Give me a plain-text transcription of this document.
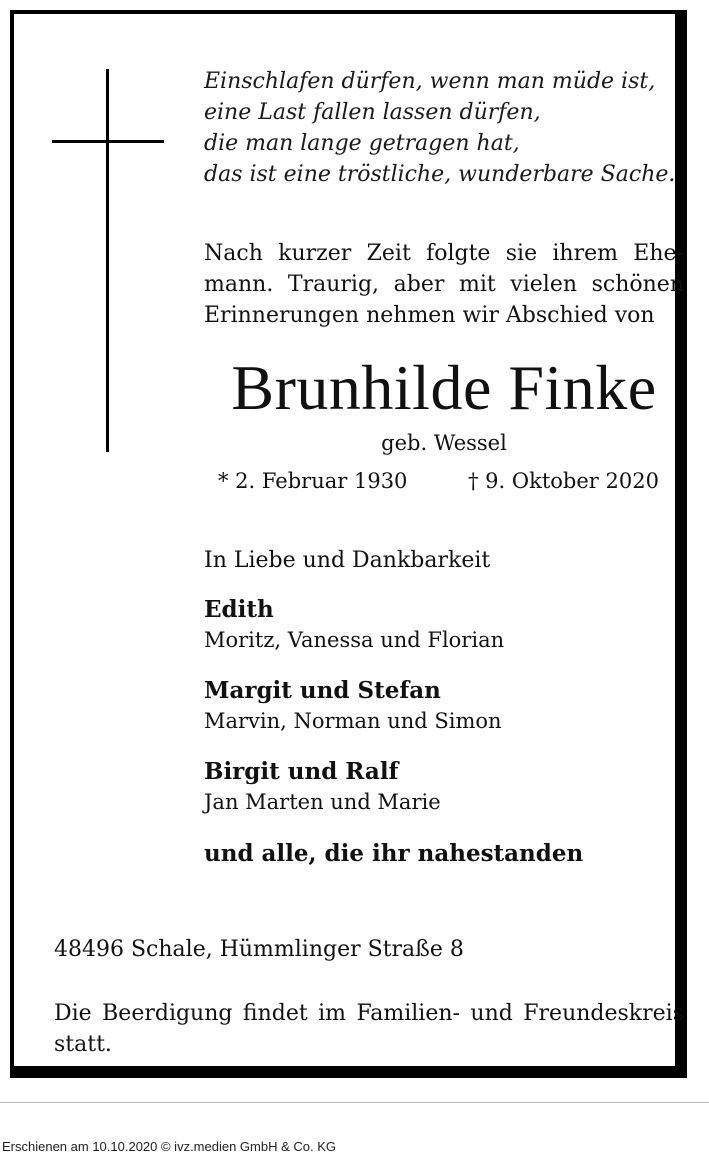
Einschlafen dürfen, wenn man müde ist,
eine Last fallen lassen dürfen,
die man lange getragen hat,
das ist eine tröstliche, wunderbare Sache.

Nach kurzer Zeit folgte sie ihrem Ehemann. Traurig, aber mit vielen schönen Erinnerungen nehmen wir Abschied von

Brunhilde Finke
geb. Wessel
* 2. Februar 1930	† 9. Oktober 2020
In Liebe und Dankbarkeit
Edith
Moritz, Vanessa und Florian
Margit und Stefan
Marvin, Norman und Simon
Birgit und Ralf
Jan Marten und Marie
und alle, die ihr nahestanden
48496 Schale, Hümmlinger Straße 8

Die Beerdigung findet im Familien- und Freundeskreis statt.

Erschienen am 10.10.2020 © ivz.medien GmbH & Co. KG
